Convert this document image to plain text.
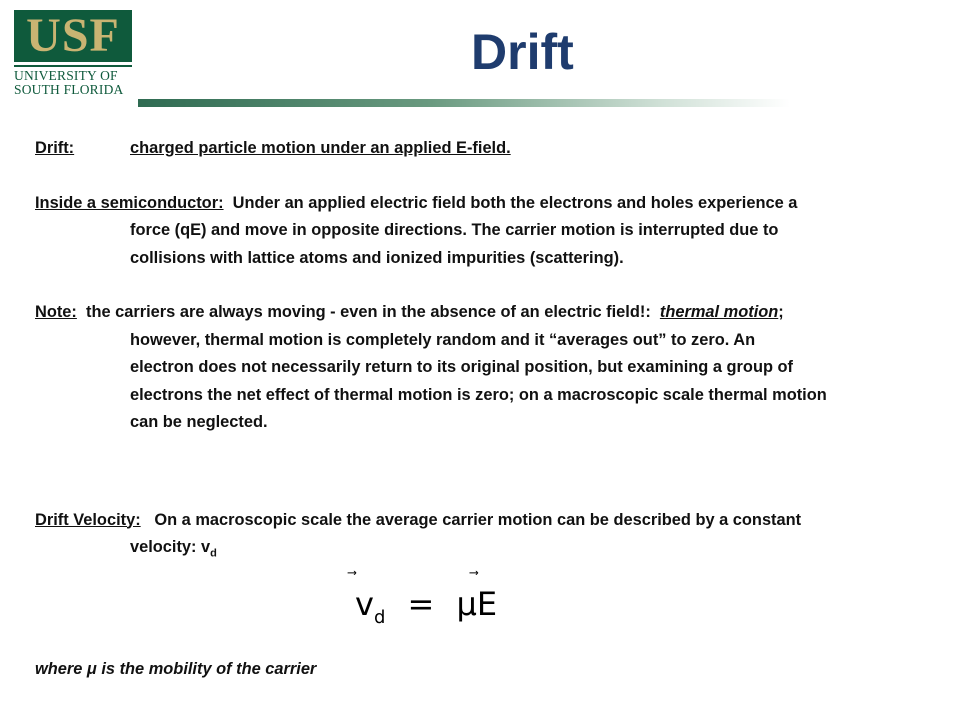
USF
UNIVERSITY OF
SOUTH FLORIDA
Drift
Drift:	charged particle motion under an applied E-field.
Inside a semiconductor: Under an applied electric field both the electrons and holes experience a
force (qE) and move in opposite directions. The carrier motion is interrupted due to
collisions with lattice atoms and ionized impurities (scattering).
Note: the carriers are always moving - even in the absence of an electric field!: thermal motion;
however, thermal motion is completely random and it “averages out” to zero. An
electron does not necessarily return to its original position, but examining a group of
electrons the net effect of thermal motion is zero; on a macroscopic scale thermal motion
can be neglected.
Drift Velocity: On a macroscopic scale the average carrier motion can be described by a constant
velocity: $v_d$
$v_d = \mu$
E
where μ is the mobility of the carrier
